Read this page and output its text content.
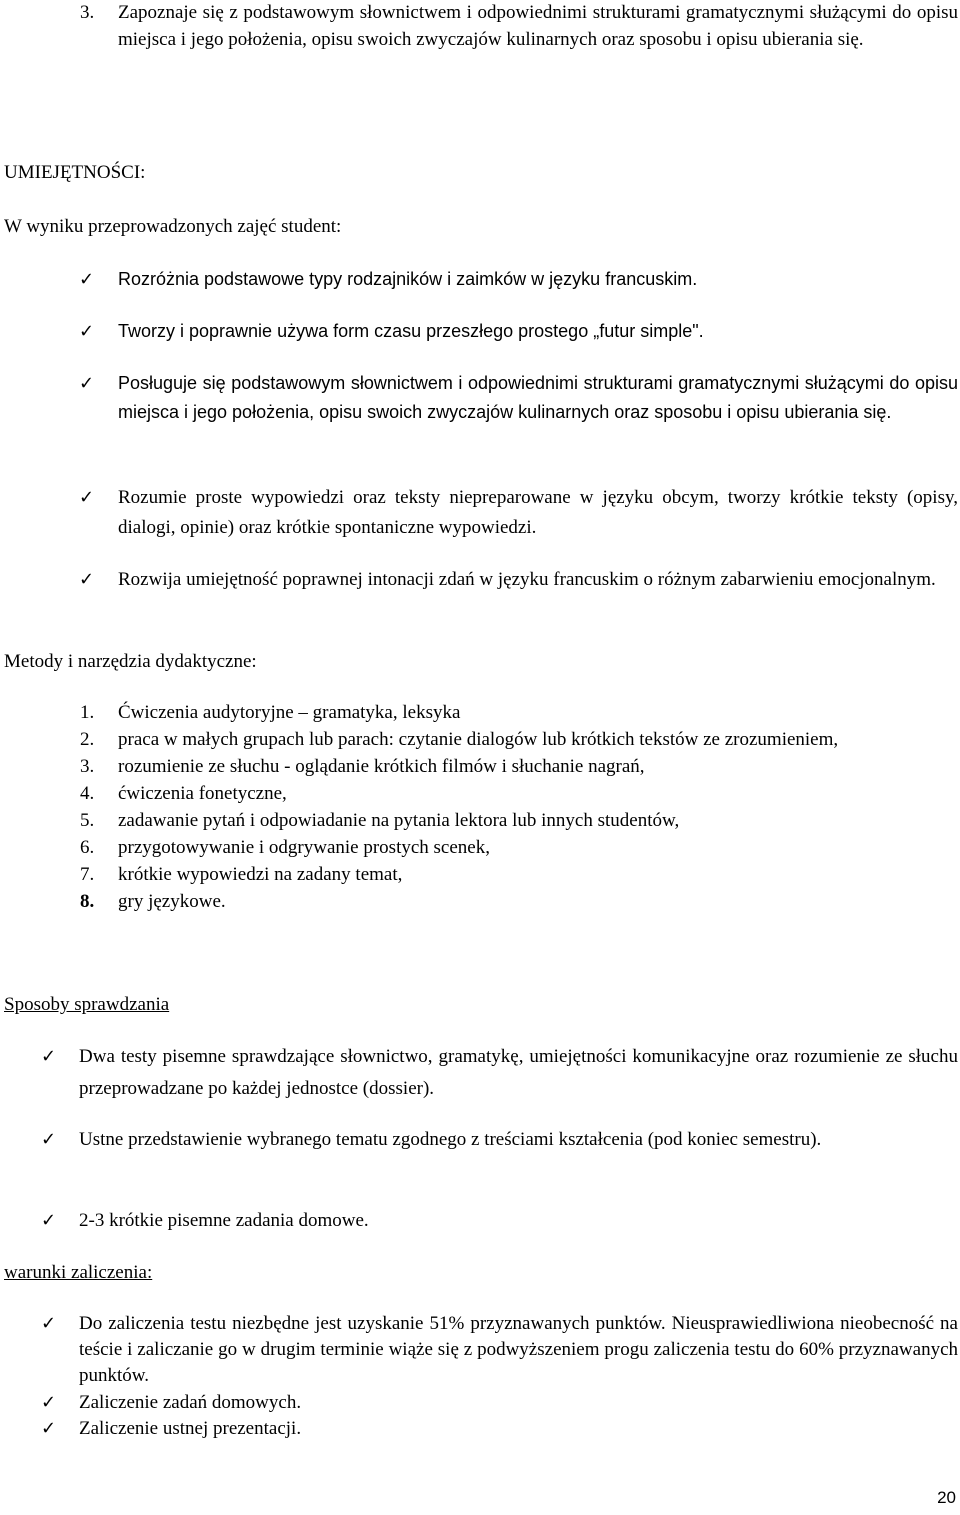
3.	Zapoznaje się z podstawowym słownictwem i odpowiednimi strukturami gramatycznymi służącymi do opisu miejsca i jego położenia, opisu swoich zwyczajów kulinarnych oraz sposobu i opisu ubierania się.
UMIEJĘTNOŚCI:
W wyniku przeprowadzonych zajęć student:
✓ Rozróżnia podstawowe typy rodzajników i zaimków w języku francuskim.
✓ Tworzy i poprawnie używa form czasu przeszłego prostego „futur simple".
✓ Posługuje się podstawowym słownictwem i odpowiednimi strukturami gramatycznymi służącymi do opisu miejsca i jego położenia, opisu swoich zwyczajów kulinarnych oraz sposobu i opisu ubierania się.
✓ Rozumie proste wypowiedzi oraz teksty niepreparowane w języku obcym, tworzy krótkie teksty (opisy, dialogi, opinie) oraz krótkie spontaniczne wypowiedzi.
✓ Rozwija umiejętność poprawnej intonacji zdań w języku francuskim o różnym zabarwieniu emocjonalnym.
Metody i narzędzia dydaktyczne:
1.	Ćwiczenia audytoryjne – gramatyka, leksyka
2.	praca w małych grupach lub parach: czytanie dialogów lub krótkich tekstów ze zrozumieniem,
3.	rozumienie ze słuchu - oglądanie krótkich filmów i słuchanie nagrań,
4.	ćwiczenia fonetyczne,
5.	zadawanie pytań i odpowiadanie na pytania lektora lub innych studentów,
6.	przygotowywanie i odgrywanie prostych scenek,
7.	krótkie wypowiedzi na zadany temat,
8.	gry językowe.
Sposoby sprawdzania
✓ Dwa testy pisemne sprawdzające słownictwo, gramatykę, umiejętności komunikacyjne oraz rozumienie ze słuchu przeprowadzane po każdej jednostce (dossier).
✓ Ustne przedstawienie wybranego tematu zgodnego z treściami kształcenia (pod koniec semestru).
✓ 2-3 krótkie pisemne zadania domowe.
warunki zaliczenia:
✓ Do zaliczenia testu niezbędne jest uzyskanie 51% przyznawanych punktów. Nieusprawiedliwiona nieobecność na teście i zaliczanie go w drugim terminie wiąże się z podwyższeniem progu zaliczenia testu do 60% przyznawanych punktów.
✓ Zaliczenie zadań domowych.
✓ Zaliczenie ustnej prezentacji.
20
